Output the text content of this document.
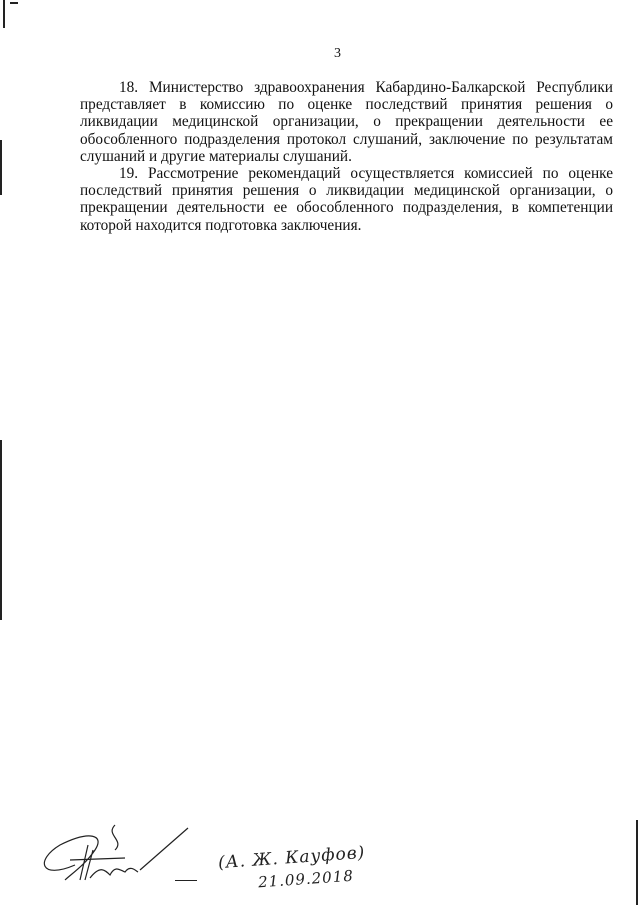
3
18. Министерство здравоохранения Кабардино-Балкарской Республики
представляет в комиссию по оценке последствий принятия решения о
ликвидации медицинской организации, о прекращении деятельности ее
обособленного подразделения протокол слушаний, заключение по результатам
слушаний и другие материалы слушаний.
19. Рассмотрение рекомендаций осуществляется комиссией по оценке
последствий принятия решения о ликвидации медицинской организации, о
прекращении деятельности ее обособленного подразделения, в компетенции
которой находится подготовка заключения.
(А. Ж. Кауфов)
21.09.2018
